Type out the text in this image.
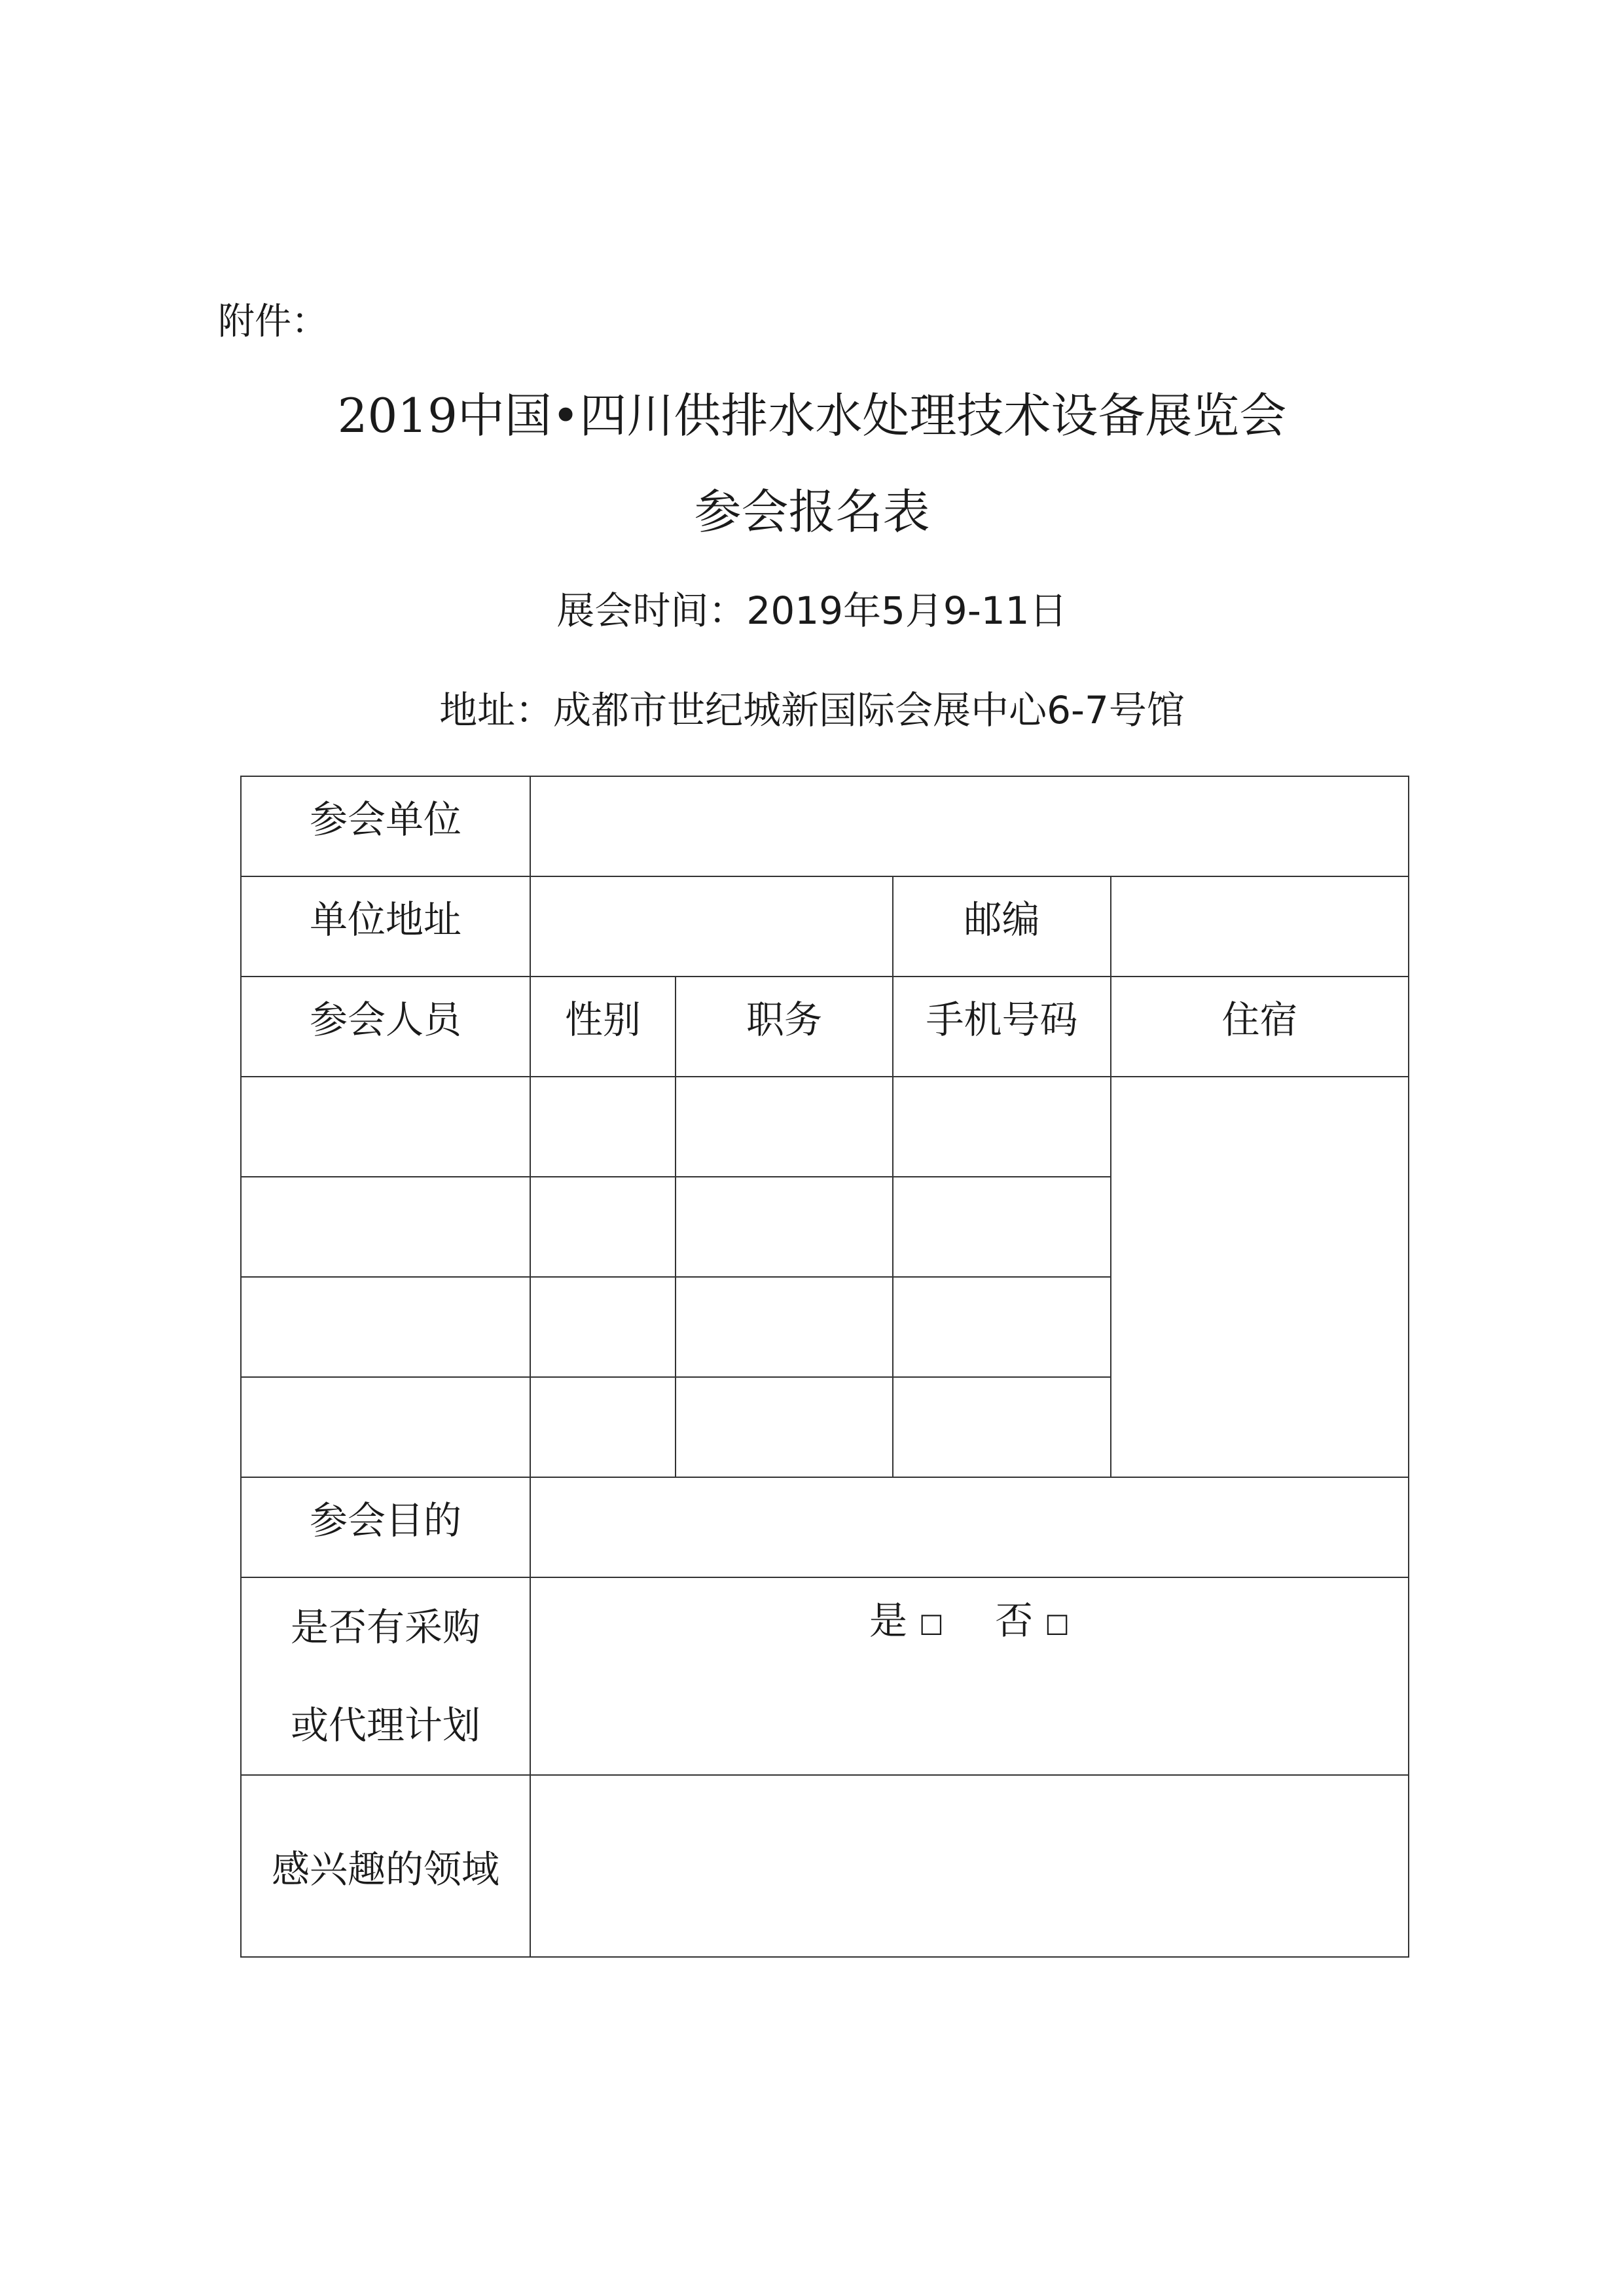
附件：
2019中国•四川供排水水处理技术设备展览会
参会报名表
展会时间：2019年5月9-11日
地址：成都市世纪城新国际会展中心6-7号馆
参会单位				
单位地址			邮编	
参会人员	性别	职务	手机号码	住宿

参会目的				

是否有采购
或代理计划	是 □ 否 □			
感兴趣的领域				
